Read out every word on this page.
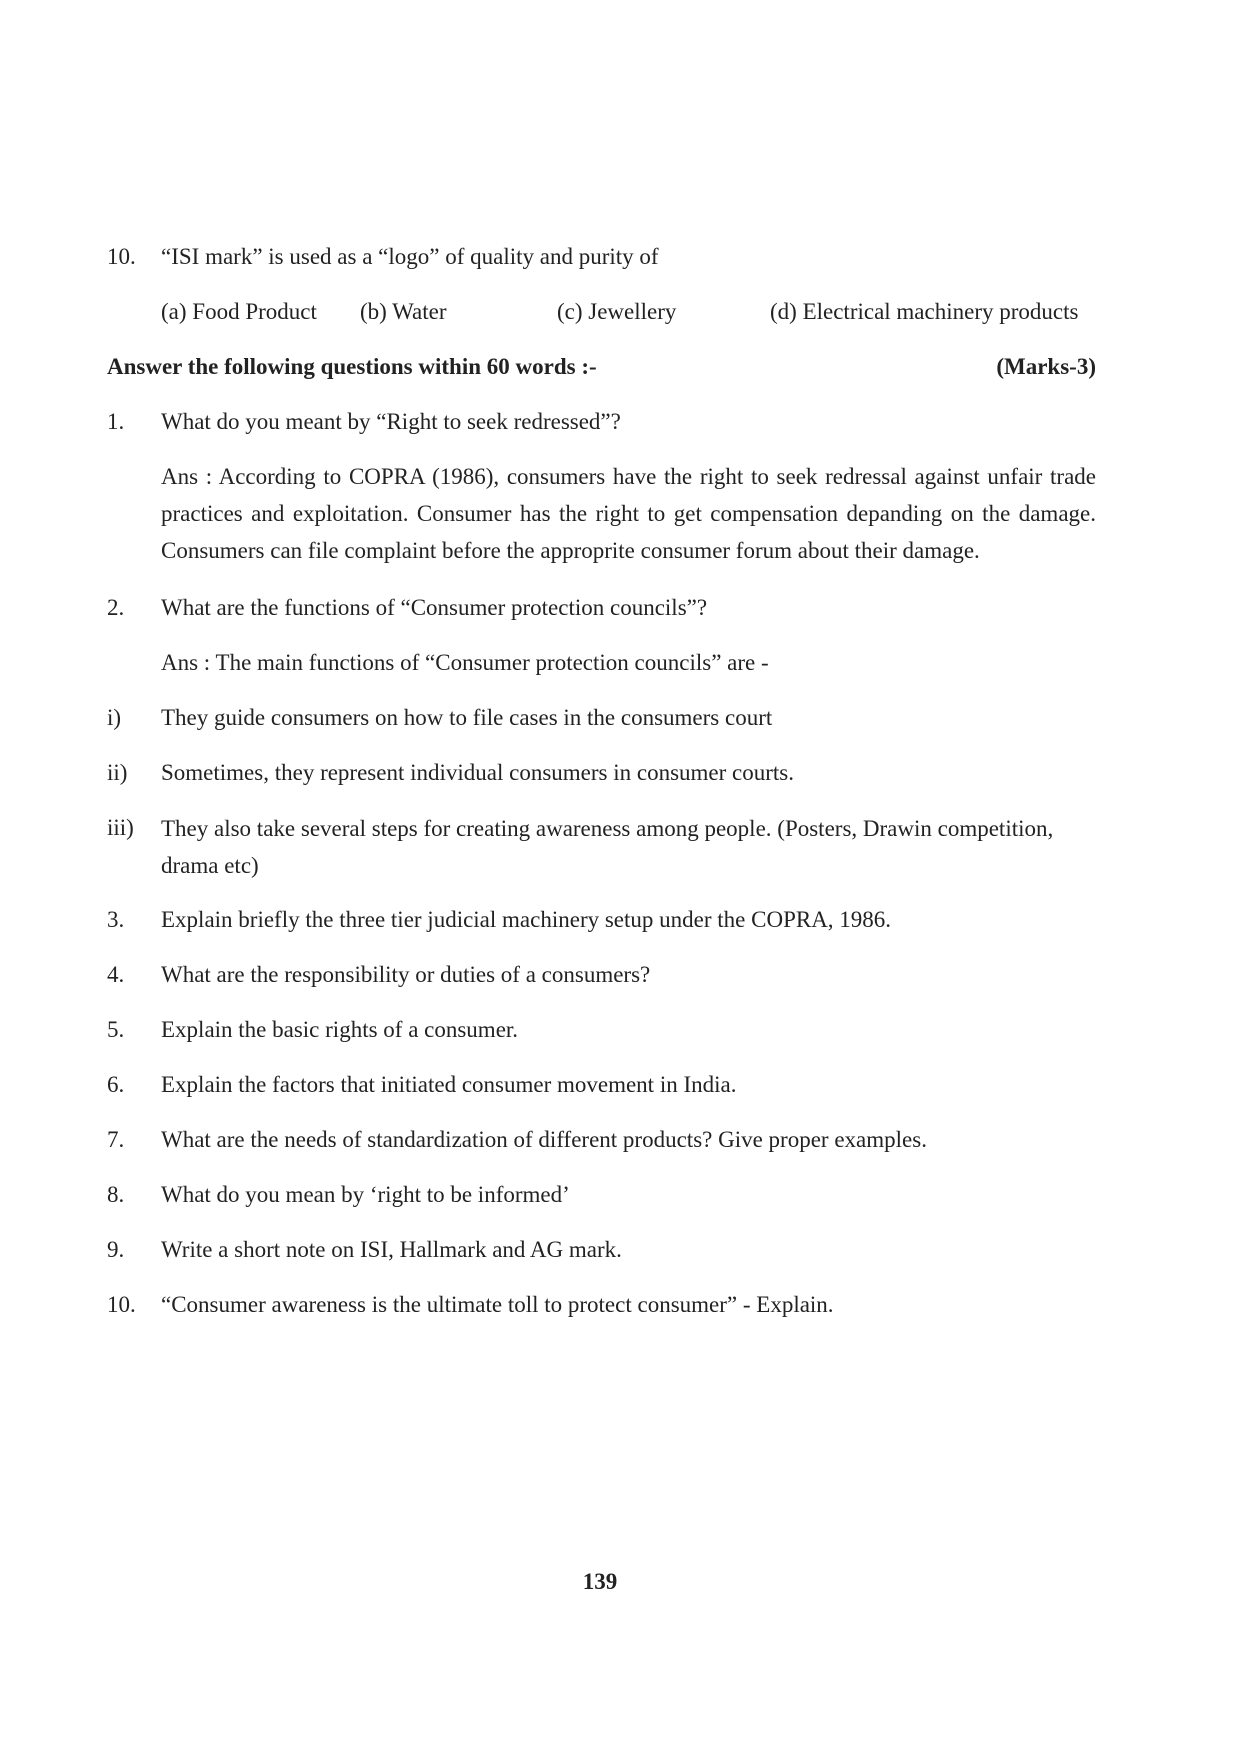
10. “ISI mark” is used as a “logo” of quality and purity of
(a) Food Product (b) Water	(c) Jewellery	(d) Electrical machinery products
Answer the following questions within 60 words :-	(Marks-3)
1. What do you meant by “Right to seek redressed”?
Ans : According to COPRA (1986), consumers have the right to seek redressal against unfair trade practices and exploitation. Consumer has the right to get compensation depanding on the damage. Consumers can file complaint before the approprite consumer forum about their damage.
2. What are the functions of “Consumer protection councils”?
Ans : The main functions of “Consumer protection councils” are -
i) They guide consumers on how to file cases in the consumers court
ii) Sometimes, they represent individual consumers in consumer courts.
iii) They also take several steps for creating awareness among people. (Posters, Drawin competition, drama etc)
3. Explain briefly the three tier judicial machinery setup under the COPRA, 1986.
4. What are the responsibility or duties of a consumers?
5. Explain the basic rights of a consumer.
6. Explain the factors that initiated consumer movement in India.
7. What are the needs of standardization of different products? Give proper examples.
8. What do you mean by ‘right to be informed’
9. Write a short note on ISI, Hallmark and AG mark.
10. “Consumer awareness is the ultimate toll to protect consumer” - Explain.
139
